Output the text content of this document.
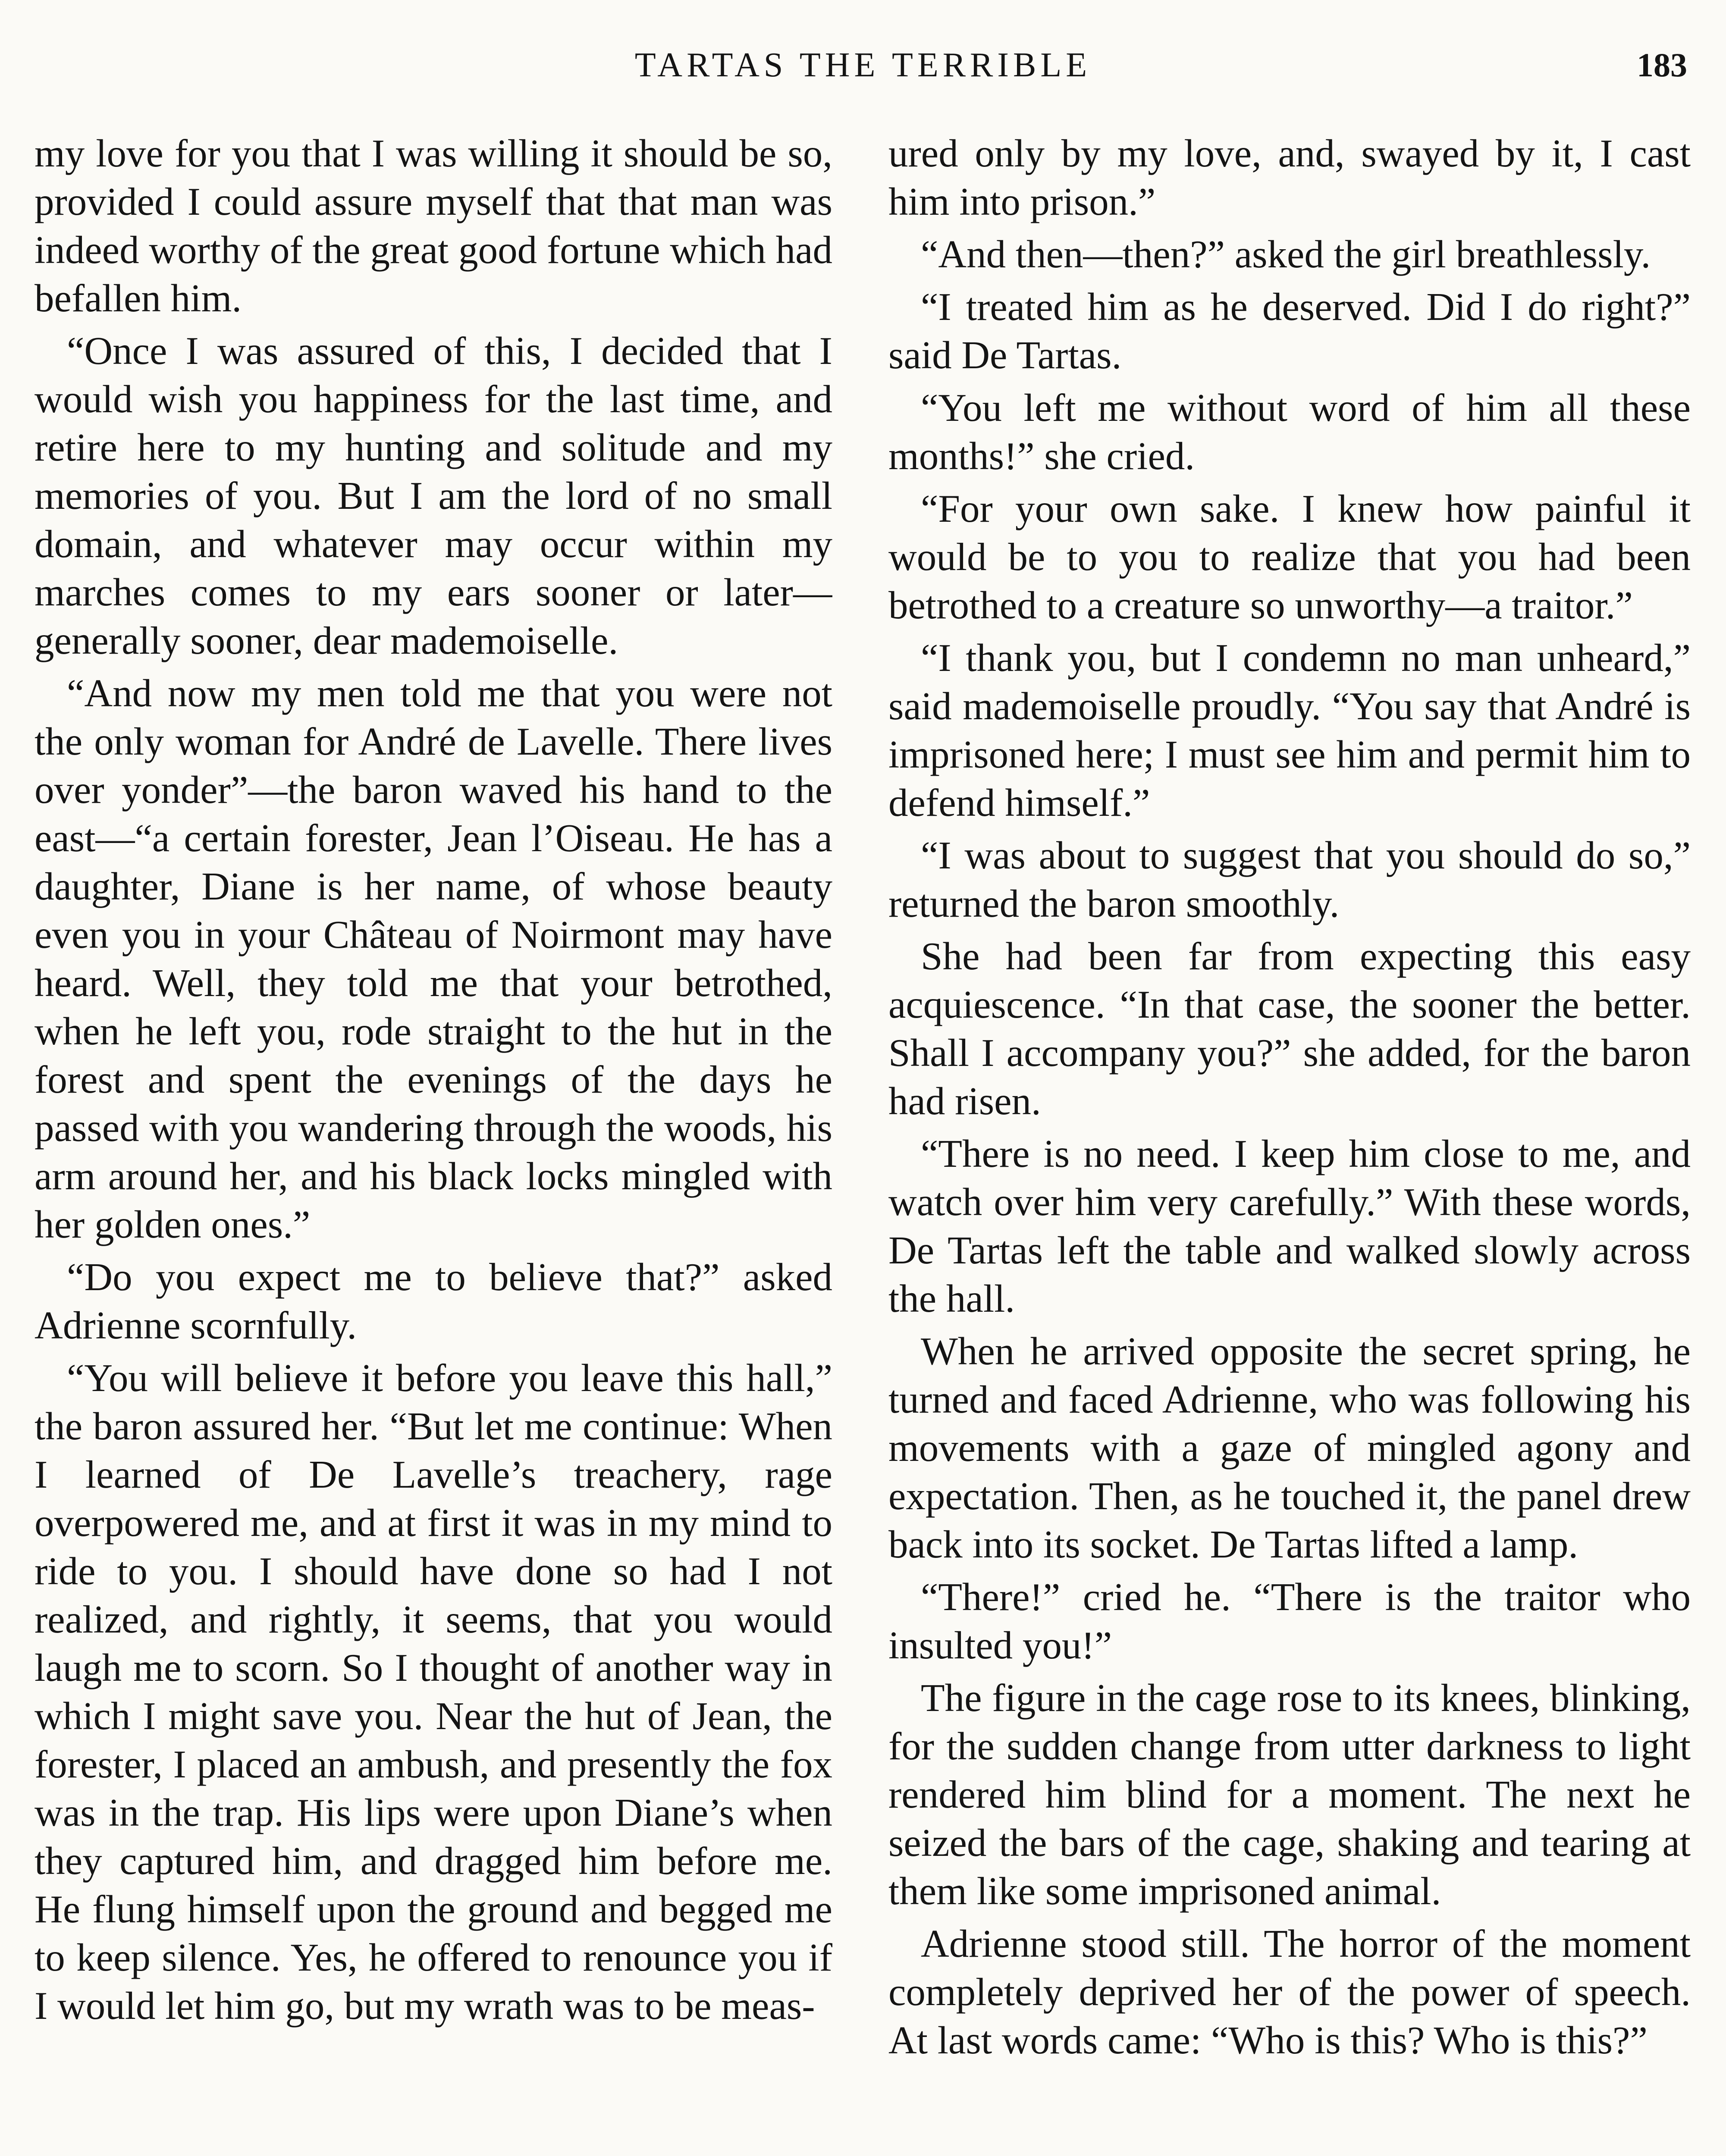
TARTAS THE TERRIBLE	183

my love for you that I was willing it should be so, provided I could assure myself that that man was indeed worthy of the great good fortune which had befallen him.

“Once I was assured of this, I decided that I would wish you happiness for the last time, and retire here to my hunting and solitude and my memories of you. But I am the lord of no small domain, and whatever may occur within my marches comes to my ears sooner or later—generally sooner, dear mademoiselle.

“And now my men told me that you were not the only woman for André de Lavelle. There lives over yonder”—the baron waved his hand to the east—“a certain forester, Jean l’Oiseau. He has a daughter, Diane is her name, of whose beauty even you in your Château of Noirmont may have heard. Well, they told me that your betrothed, when he left you, rode straight to the hut in the forest and spent the evenings of the days he passed with you wandering through the woods, his arm around her, and his black locks mingled with her golden ones.”

“Do you expect me to believe that?” asked Adrienne scornfully.

“You will believe it before you leave this hall,” the baron assured her. “But let me continue: When I learned of De Lavelle’s treachery, rage overpowered me, and at first it was in my mind to ride to you. I should have done so had I not realized, and rightly, it seems, that you would laugh me to scorn. So I thought of another way in which I might save you. Near the hut of Jean, the forester, I placed an ambush, and presently the fox was in the trap. His lips were upon Diane’s when they captured him, and dragged him before me. He flung himself upon the ground and begged me to keep silence. Yes, he offered to renounce you if I would let him go, but my wrath was to be meas-

ured only by my love, and, swayed by it, I cast him into prison.”

“And then—then?” asked the girl breathlessly.

“I treated him as he deserved. Did I do right?” said De Tartas.

“You left me without word of him all these months!” she cried.

“For your own sake. I knew how painful it would be to you to realize that you had been betrothed to a creature so unworthy—a traitor.”

“I thank you, but I condemn no man unheard,” said mademoiselle proudly. “You say that André is imprisoned here; I must see him and permit him to defend himself.”

“I was about to suggest that you should do so,” returned the baron smoothly.

She had been far from expecting this easy acquiescence. “In that case, the sooner the better. Shall I accompany you?” she added, for the baron had risen.

“There is no need. I keep him close to me, and watch over him very carefully.” With these words, De Tartas left the table and walked slowly across the hall.

When he arrived opposite the secret spring, he turned and faced Adrienne, who was following his movements with a gaze of mingled agony and expectation. Then, as he touched it, the panel drew back into its socket. De Tartas lifted a lamp.

“There!” cried he. “There is the traitor who insulted you!”

The figure in the cage rose to its knees, blinking, for the sudden change from utter darkness to light rendered him blind for a moment. The next he seized the bars of the cage, shaking and tearing at them like some imprisoned animal.

Adrienne stood still. The horror of the moment completely deprived her of the power of speech. At last words came: “Who is this? Who is this?”
